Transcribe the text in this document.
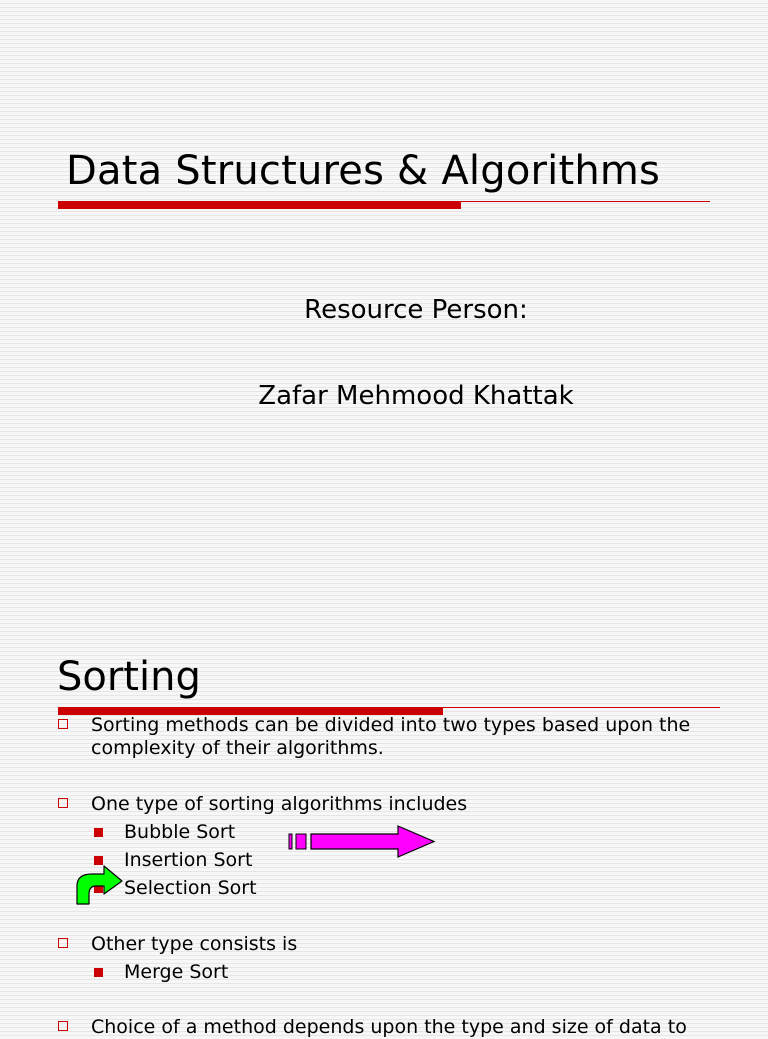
Data Structures & Algorithms
Resource Person:
Zafar Mehmood Khattak
Sorting
Sorting methods can be divided into two types based upon the complexity of their algorithms.
One type of sorting algorithms includes
Bubble Sort
Insertion Sort
Selection Sort
Other type consists is
Merge Sort
Choice of a method depends upon the type and size of data to
